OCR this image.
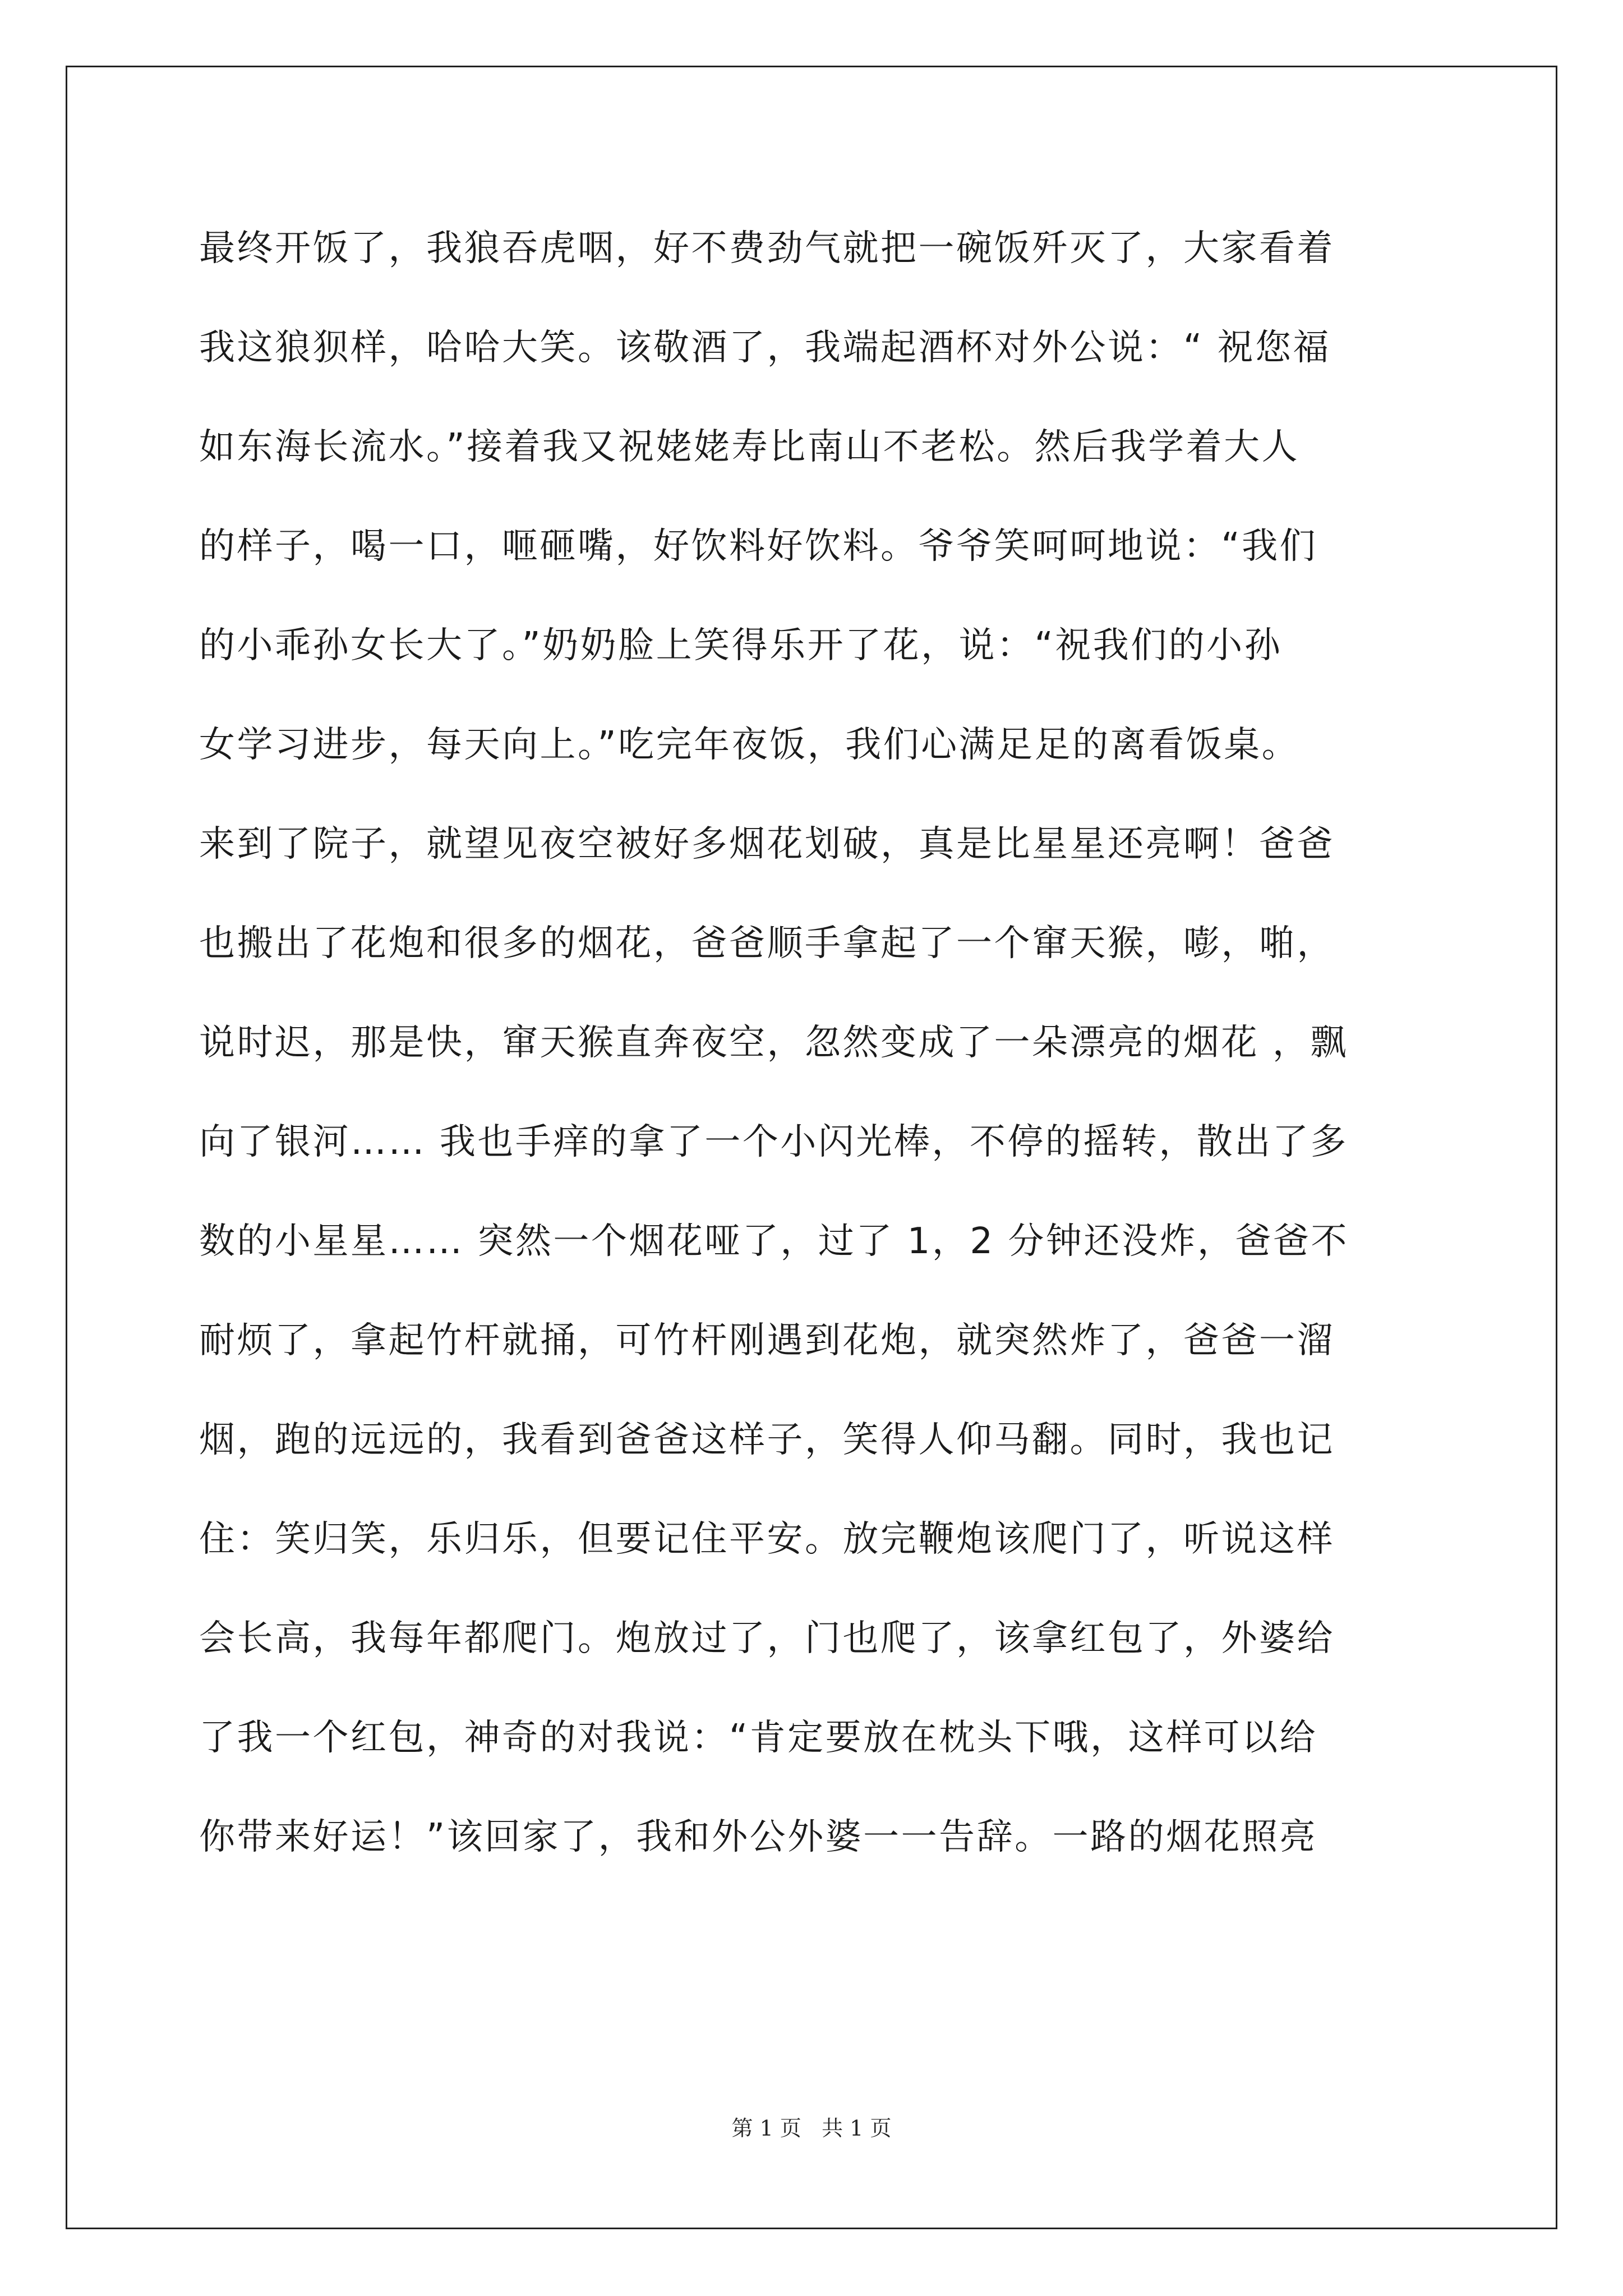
最终开饭了，我狼吞虎咽，好不费劲气就把一碗饭歼灭了，大家看着
我这狼狈样，哈哈大笑。该敬酒了，我端起酒杯对外公说：“ 祝您福
如东海长流水。”接着我又祝姥姥寿比南山不老松。然后我学着大人
的样子，喝一口，咂砸嘴，好饮料好饮料。爷爷笑呵呵地说：“我们
的小乖孙女长大了。”奶奶脸上笑得乐开了花，说：“祝我们的小孙
女学习进步，每天向上。”吃完年夜饭，我们心满足足的离看饭桌。
来到了院子，就望见夜空被好多烟花划破，真是比星星还亮啊！爸爸
也搬出了花炮和很多的烟花，爸爸顺手拿起了一个窜天猴，嘭，啪，
说时迟，那是快，窜天猴直奔夜空，忽然变成了一朵漂亮的烟花 ，飘
向了银河…… 我也手痒的拿了一个小闪光棒，不停的摇转，散出了多
数的小星星…… 突然一个烟花哑了，过了 1，2 分钟还没炸，爸爸不
耐烦了，拿起竹杆就捅，可竹杆刚遇到花炮，就突然炸了，爸爸一溜
烟，跑的远远的，我看到爸爸这样子，笑得人仰马翻。同时，我也记
住：笑归笑，乐归乐，但要记住平安。放完鞭炮该爬门了，听说这样
会长高，我每年都爬门。炮放过了，门也爬了，该拿红包了，外婆给
了我一个红包，神奇的对我说：“肯定要放在枕头下哦，这样可以给
你带来好运！”该回家了，我和外公外婆一一告辞。一路的烟花照亮
第 1 页   共 1 页
